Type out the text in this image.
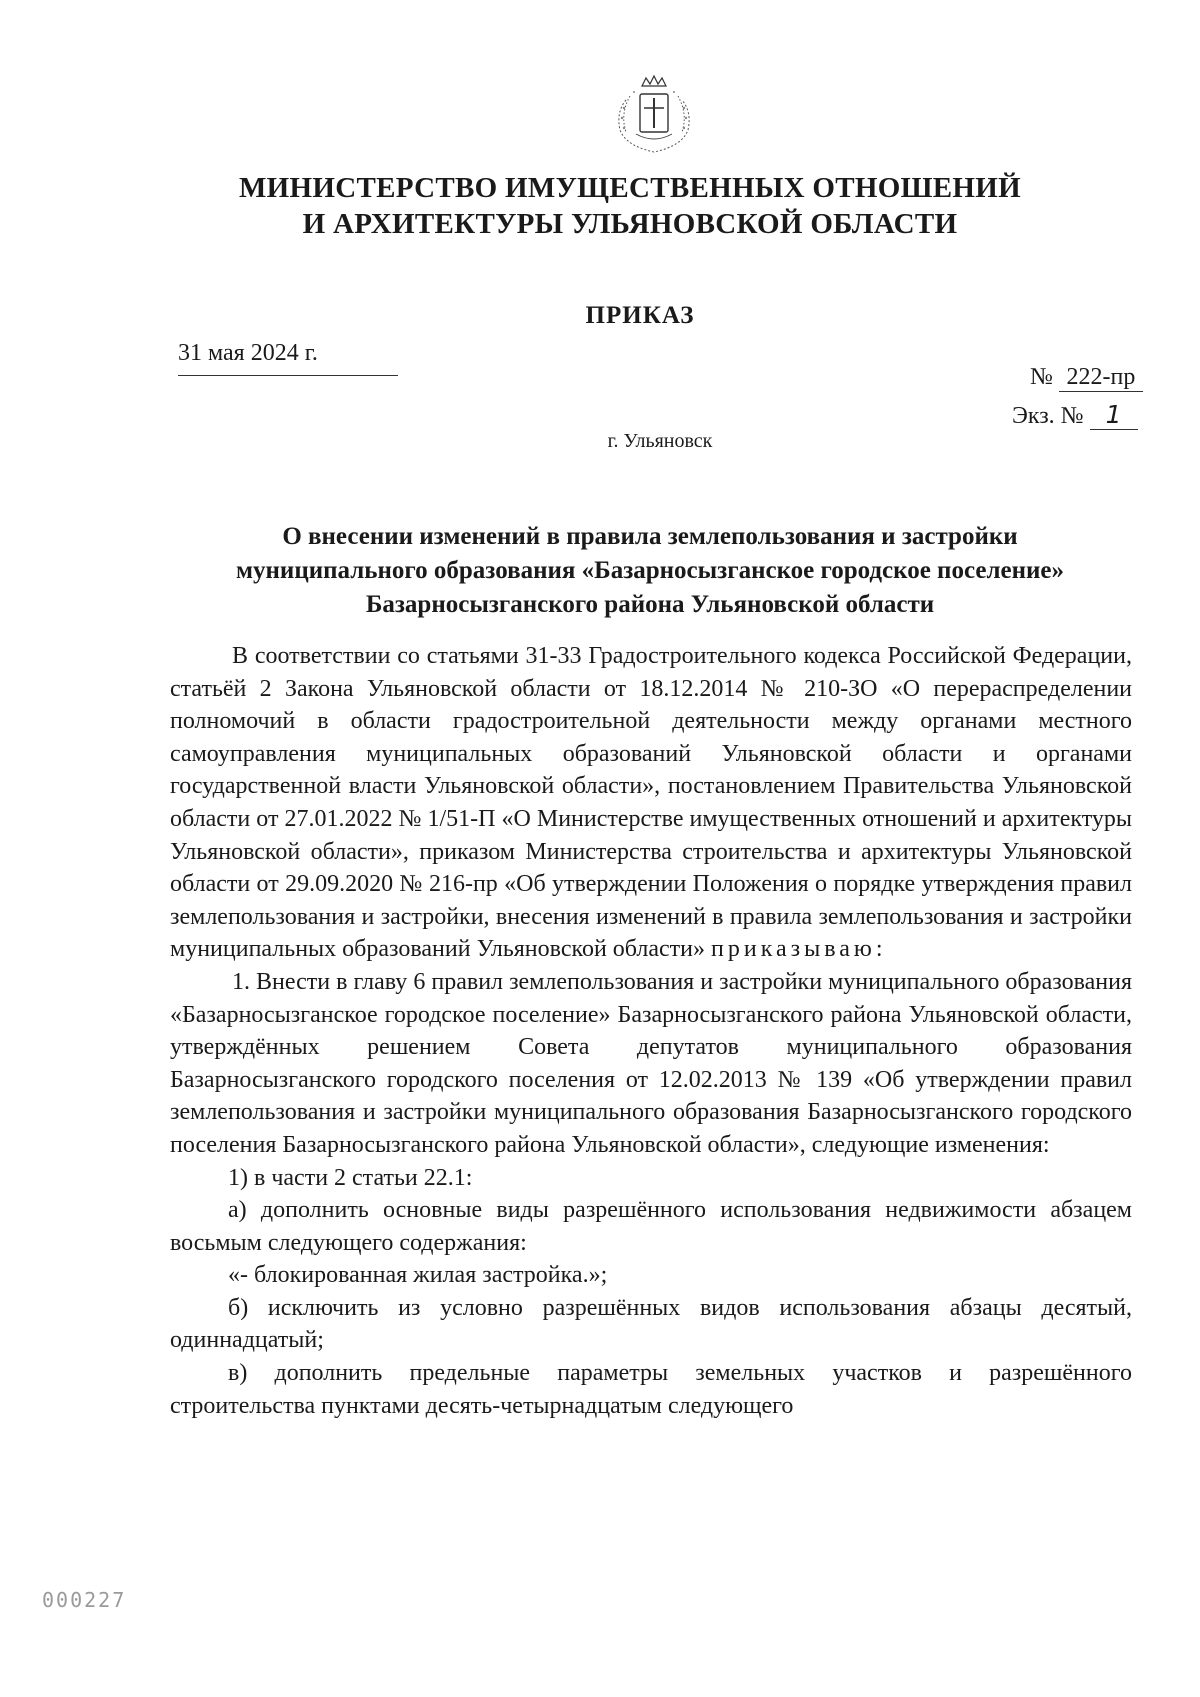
МИНИСТЕРСТВО ИМУЩЕСТВЕННЫХ ОТНОШЕНИЙ
И АРХИТЕКТУРЫ УЛЬЯНОВСКОЙ ОБЛАСТИ
ПРИКАЗ
31 мая 2024 г.
№ 222-пр
Экз. № 1
г. Ульяновск
О внесении изменений в правила землепользования и застройки
муниципального образования «Базарносызганское городское поселение»
Базарносызганского района Ульяновской области

В соответствии со статьями 31-33 Градостроительного кодекса Российской Федерации, статьёй 2 Закона Ульяновской области от 18.12.2014 № 210-ЗО «О перераспределении полномочий в области градостроительной деятельности между органами местного самоуправления муниципальных образований Ульяновской области и органами государственной власти Ульяновской области», постановлением Правительства Ульяновской области от 27.01.2022 № 1/51-П «О Министерстве имущественных отношений и архитектуры Ульяновской области», приказом Министерства строительства и архитектуры Ульяновской области от 29.09.2020 № 216-пр «Об утверждении Положения о порядке утверждения правил землепользования и застройки, внесения изменений в правила землепользования и застройки муниципальных образований Ульяновской области» приказываю:

1. Внести в главу 6 правил землепользования и застройки муниципального образования «Базарносызганское городское поселение» Базарносызганского района Ульяновской области, утверждённых решением Совета депутатов муниципального образования Базарносызганского городского поселения от 12.02.2013 № 139 «Об утверждении правил землепользования и застройки муниципального образования Базарносызганского городского поселения Базарносызганского района Ульяновской области», следующие изменения:

1) в части 2 статьи 22.1:

а) дополнить основные виды разрешённого использования недвижимости абзацем восьмым следующего содержания:

«- блокированная жилая застройка.»;

б) исключить из условно разрешённых видов использования абзацы десятый, одиннадцатый;

в) дополнить предельные параметры земельных участков и разрешённого строительства пунктами десять-четырнадцатым следующего

000227
